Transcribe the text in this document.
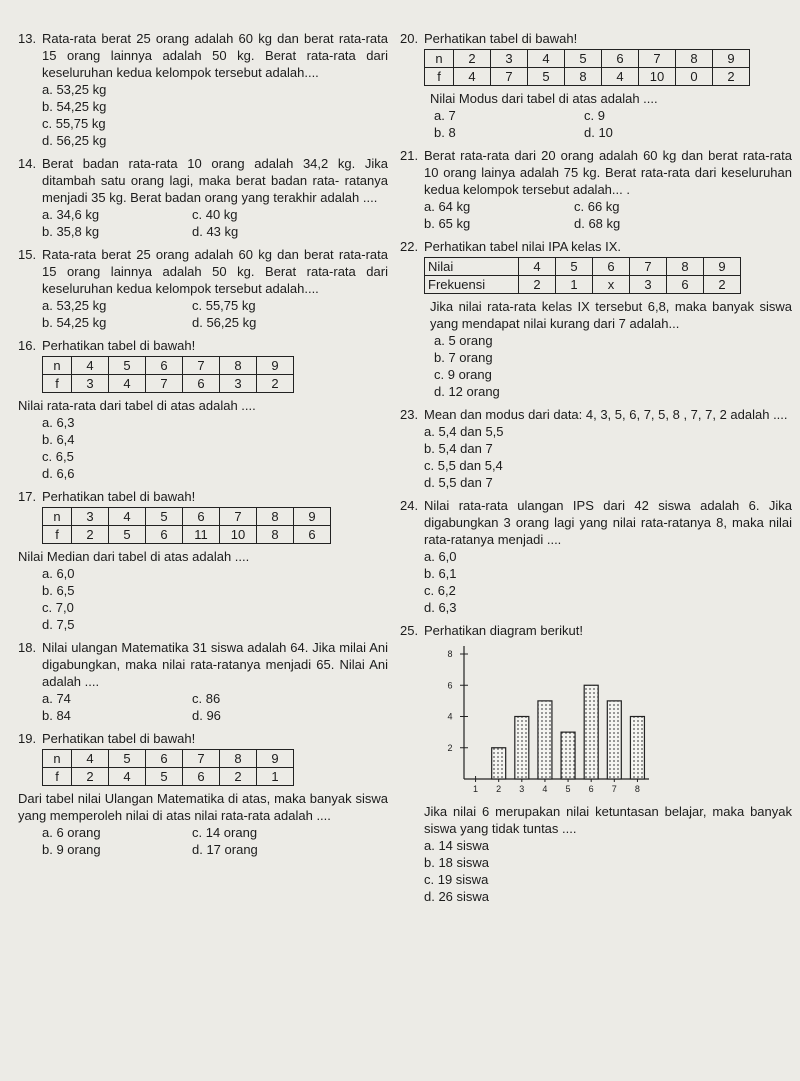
13. Rata-rata berat 25 orang adalah 60 kg dan berat rata-rata 15 orang lainnya adalah 50 kg. Berat rata-rata dari keseluruhan kedua kelompok tersebut adalah....
a. 53,25 kg
b. 54,25 kg
c. 55,75 kg
d. 56,25 kg
14. Berat badan rata-rata 10 orang adalah 34,2 kg. Jika ditambah satu orang lagi, maka berat badan rata- ratanya menjadi 35 kg. Berat badan orang yang terakhir adalah ....
a. 34,6 kg	c. 40 kg
b. 35,8 kg	d. 43 kg
15. Rata-rata berat 25 orang adalah 60 kg dan berat rata-rata 15 orang lainnya adalah 50 kg. Berat rata-rata dari keseluruhan kedua kelompok tersebut adalah....
a. 53,25 kg	c. 55,75 kg
b. 54,25 kg	d. 56,25 kg
16. Perhatikan tabel di bawah!
n	4	5	6	7	8	9
f	3	4	7	6	3	2
Nilai rata-rata dari tabel di atas adalah ....
a. 6,3
b. 6,4
c. 6,5
d. 6,6
17. Perhatikan tabel di bawah!
n	3	4	5	6	7	8	9
f	2	5	6	11	10	8	6
Nilai Median dari tabel di atas adalah ....
a. 6,0
b. 6,5
c. 7,0
d. 7,5
18. Nilai ulangan Matematika 31 siswa adalah 64. Jika milai Ani digabungkan, maka nilai rata-ratanya menjadi 65. Nilai Ani adalah ....
a. 74	c. 86
b. 84	d. 96
19. Perhatikan tabel di bawah!
n	4	5	6	7	8	9
f	2	4	5	6	2	1
Dari tabel nilai Ulangan Matematika di atas, maka banyak siswa yang memperoleh nilai di atas nilai rata-rata adalah ....
a. 6 orang	c. 14 orang
b. 9 orang	d. 17 orang
20. Perhatikan tabel di bawah!
n	2	3	4	5	6	7	8	9
f	4	7	5	8	4	10	0	2
Nilai Modus dari tabel di atas adalah ....
a. 7	c. 9
b. 8	d. 10
21. Berat rata-rata dari 20 orang adalah 60 kg dan berat rata-rata 10 orang lainya adalah 75 kg. Berat rata-rata dari keseluruhan kedua kelompok tersebut adalah... .
a. 64 kg	c. 66 kg
b. 65 kg	d. 68 kg
22. Perhatikan tabel nilai IPA kelas IX.
Nilai	4	5	6	7	8	9
Frekuensi	2	1	x	3	6	2
Jika nilai rata-rata kelas IX tersebut 6,8, maka banyak siswa yang mendapat nilai kurang dari 7 adalah...
a. 5 orang
b. 7 orang
c. 9 orang
d. 12 orang
23. Mean dan modus dari data: 4, 3, 5, 6, 7, 5, 8 , 7, 7, 2 adalah ....
a. 5,4 dan 5,5
b. 5,4 dan 7
c. 5,5 dan 5,4
d. 5,5 dan 7
24. Nilai rata-rata ulangan IPS dari 42 siswa adalah 6. Jika digabungkan 3 orang lagi yang nilai rata-ratanya 8, maka nilai rata-ratanya menjadi ....
a. 6,0
b. 6,1
c. 6,2
d. 6,3
25. Perhatikan diagram berikut!
2
4
6
8
1 2 3 4 5 6 7 8
Jika nilai 6 merupakan nilai ketuntasan belajar, maka banyak siswa yang tidak tuntas ....
a. 14 siswa
b. 18 siswa
c. 19 siswa
d. 26 siswa
